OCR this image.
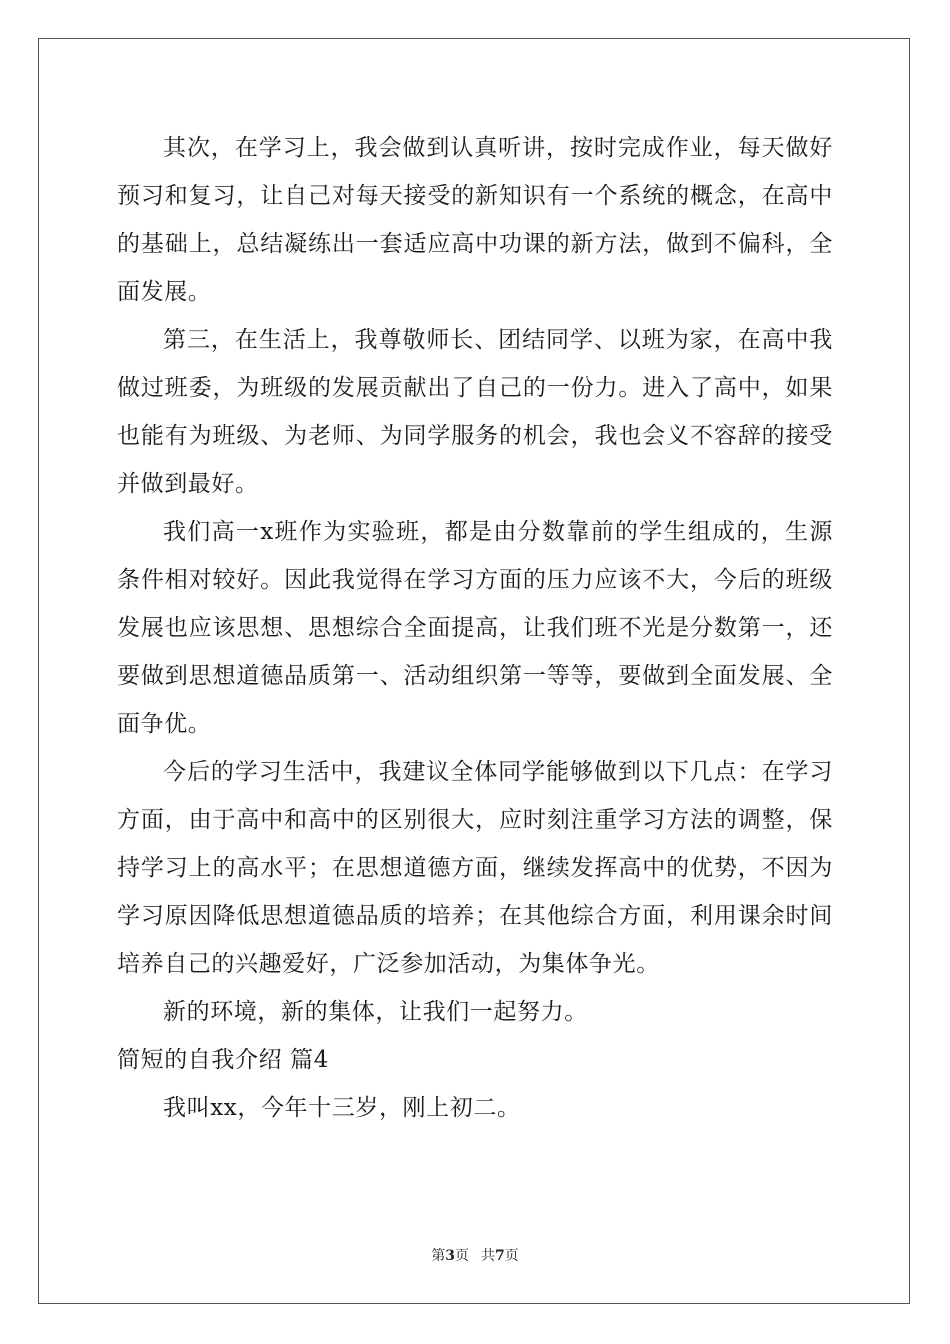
其次，在学习上，我会做到认真听讲，按时完成作业，每天做好预习和复习，让自己对每天接受的新知识有一个系统的概念，在高中的基础上，总结凝练出一套适应高中功课的新方法，做到不偏科，全面发展。

第三，在生活上，我尊敬师长、团结同学、以班为家，在高中我做过班委，为班级的发展贡献出了自己的一份力。进入了高中，如果也能有为班级、为老师、为同学服务的机会，我也会义不容辞的接受并做到最好。

我们高一x班作为实验班，都是由分数靠前的学生组成的，生源条件相对较好。因此我觉得在学习方面的压力应该不大，今后的班级发展也应该思想、思想综合全面提高，让我们班不光是分数第一，还要做到思想道德品质第一、活动组织第一等等，要做到全面发展、全面争优。

今后的学习生活中，我建议全体同学能够做到以下几点：在学习方面，由于高中和高中的区别很大，应时刻注重学习方法的调整，保持学习上的高水平；在思想道德方面，继续发挥高中的优势，不因为学习原因降低思想道德品质的培养；在其他综合方面，利用课余时间培养自己的兴趣爱好，广泛参加活动，为集体争光。

新的环境，新的集体，让我们一起努力。

简短的自我介绍 篇4

我叫xx，今年十三岁，刚上初二。

第3页 共7页
